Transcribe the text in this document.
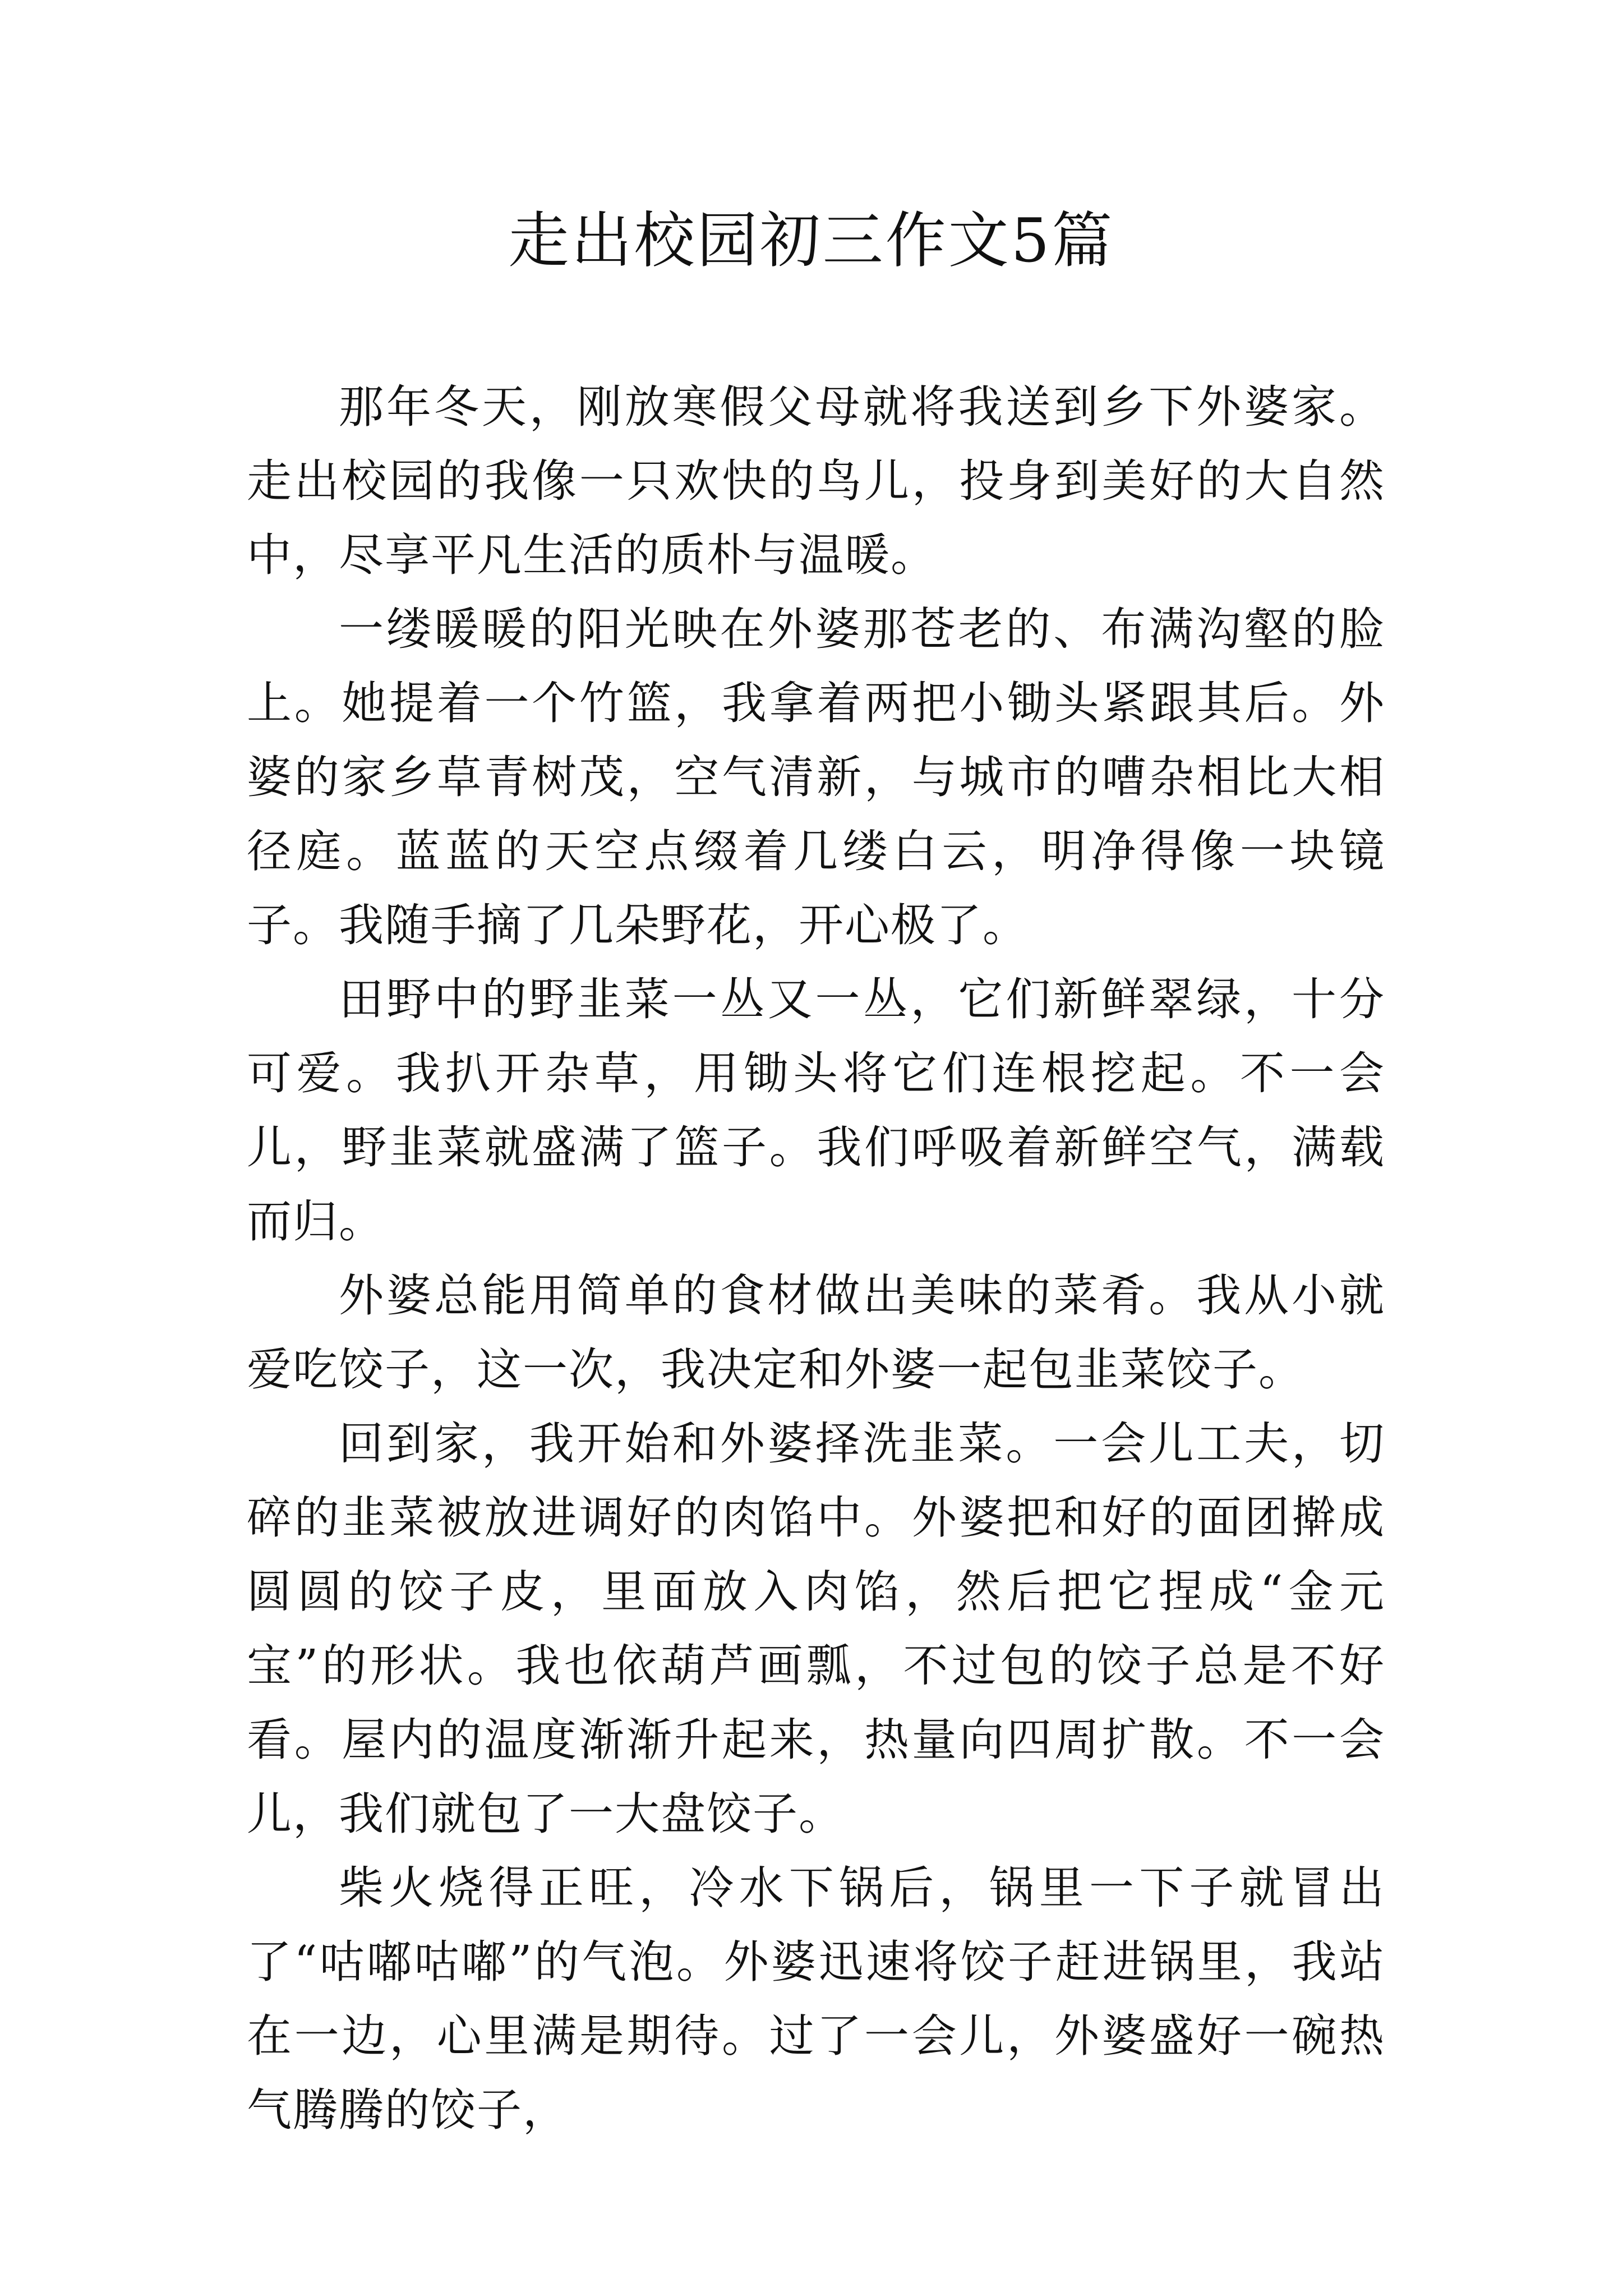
走出校园初三作文5篇

那年冬天，刚放寒假父母就将我送到乡下外婆家。走出校园的我像一只欢快的鸟儿，投身到美好的大自然中，尽享平凡生活的质朴与温暖。

一缕暖暖的阳光映在外婆那苍老的、布满沟壑的脸上。她提着一个竹篮，我拿着两把小锄头紧跟其后。外婆的家乡草青树茂，空气清新，与城市的嘈杂相比大相径庭。蓝蓝的天空点缀着几缕白云，明净得像一块镜子。我随手摘了几朵野花，开心极了。

田野中的野韭菜一丛又一丛，它们新鲜翠绿，十分可爱。我扒开杂草，用锄头将它们连根挖起。不一会儿，野韭菜就盛满了篮子。我们呼吸着新鲜空气，满载而归。

外婆总能用简单的食材做出美味的菜肴。我从小就爱吃饺子，这一次，我决定和外婆一起包韭菜饺子。

回到家，我开始和外婆择洗韭菜。一会儿工夫，切碎的韭菜被放进调好的肉馅中。外婆把和好的面团擀成圆圆的饺子皮，里面放入肉馅，然后把它捏成“金元宝”的形状。我也依葫芦画瓢，不过包的饺子总是不好看。屋内的温度渐渐升起来，热量向四周扩散。不一会儿，我们就包了一大盘饺子。

柴火烧得正旺，冷水下锅后，锅里一下子就冒出了“咕嘟咕嘟”的气泡。外婆迅速将饺子赶进锅里，我站在一边，心里满是期待。过了一会儿，外婆盛好一碗热气腾腾的饺子，
